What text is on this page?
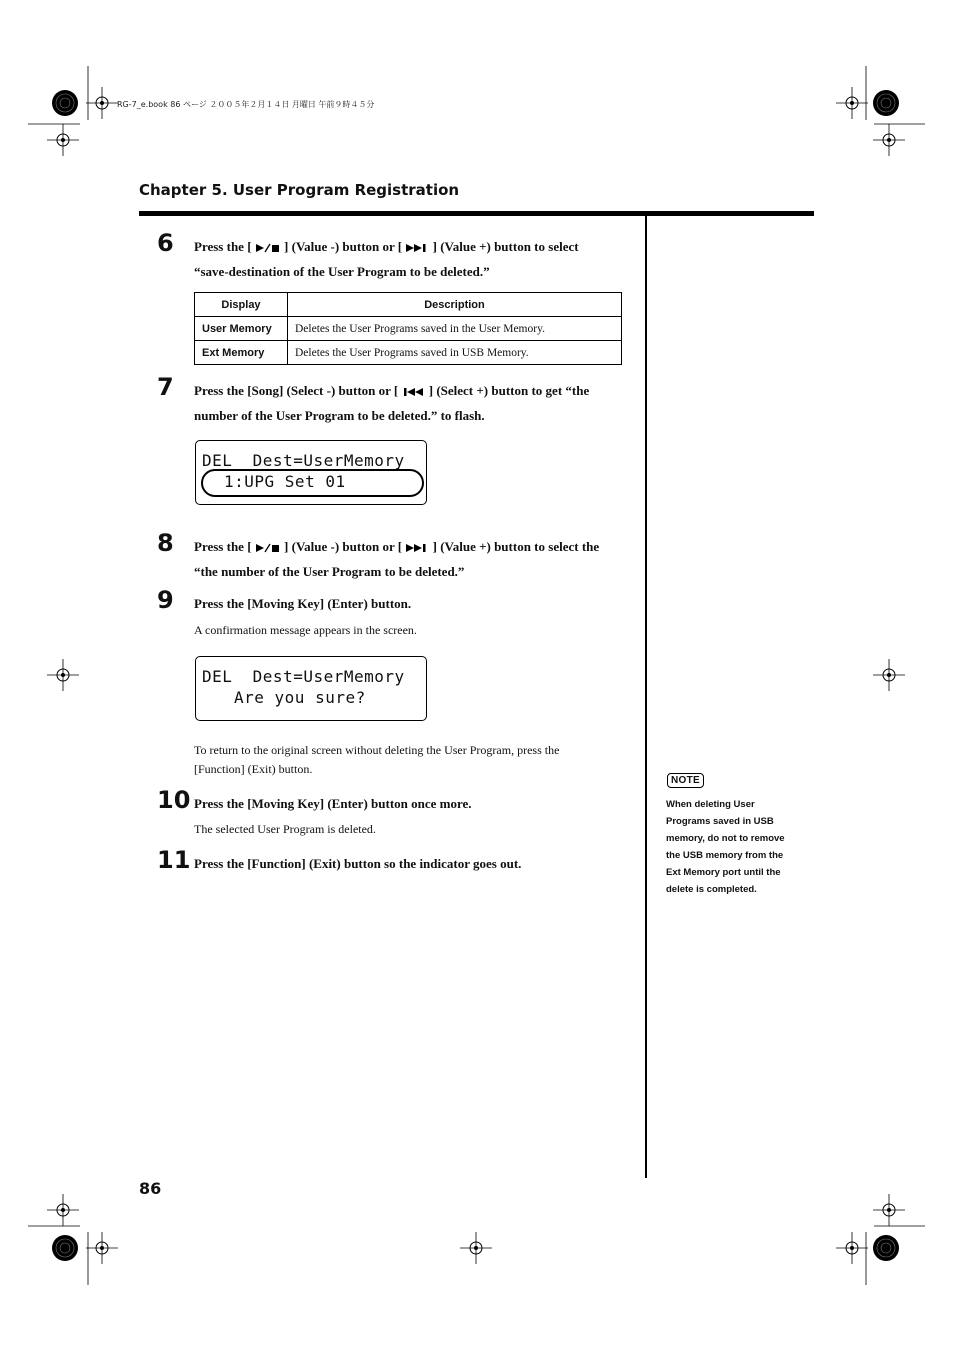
RG-7_e.book 86 ページ ２００５年２月１４日 月曜日 午前９時４５分
Chapter 5. User Program Registration
6 Press the [	] (Value -) button or [ ] (Value +) button to select
“save-destination of the User Program to be deleted.”
Display	Description
User Memory	Deletes the User Programs saved in the User Memory.
Ext Memory	Deletes the User Programs saved in USB Memory.
7 Press the [Song] (Select -) button or [ ] (Select +) button to get “the
number of the User Program to be deleted.” to flash.
DEL  Dest=UserMemory
1:UPG Set 01
8 Press the [	] (Value -) button or [ ] (Value +) button to select the
“the number of the User Program to be deleted.”
9 Press the [Moving Key] (Enter) button.
A confirmation message appears in the screen.
DEL  Dest=UserMemory
Are you sure?
To return to the original screen without deleting the User Program, press the
[Function] (Exit) button.
10 Press the [Moving Key] (Enter) button once more.
The selected User Program is deleted.
11 Press the [Function] (Exit) button so the indicator goes out.
NOTE
When deleting User
Programs saved in USB
memory, do not to remove
the USB memory from the
Ext Memory port until the
delete is completed.
86
